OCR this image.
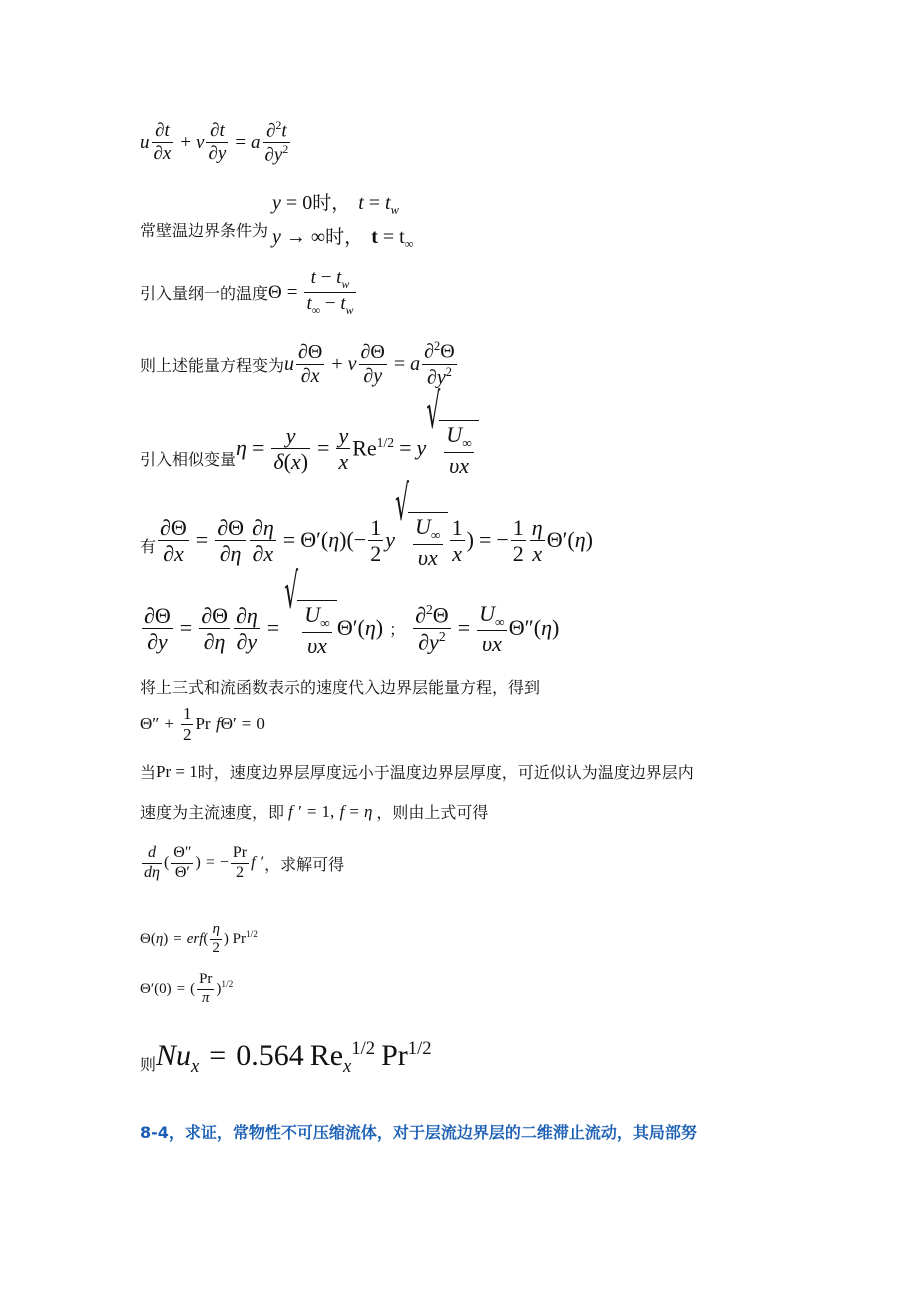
u $\frac{\partial t}{\partial x} + v \frac{\partial t}{\partial y} = a \frac{\partial^2t}{\partial y^2}$
常壁温边界条件为
y = 0时， $t = t_w$
y → ∞时， $t = t_\infty$
引入量纲一的温度 $\Theta = \frac{t - t_w}{t_\infty - t_w}$
则上述能量方程变为 u $\frac{\partial\Theta}{\partial x} + v \frac{\partial\Theta}{\partial y} = a \frac{\partial^2\Theta}{\partial y^2}$
引入相似变量 $\eta = \frac{y}{\delta(x)} = \frac{y}{x} Re^{1/2} = y$
√
$\frac{U_\infty}{\upsilon x}$
有 $\frac{\partial\Theta}{\partial x} = \frac{\partial\Theta}{\partial\eta} \frac{\partial\eta}{\partial x} = \Theta'$( η )(− $\frac{1}{2}$ y
√
$\frac{U_\infty}{\upsilon x} \frac{1}{x}$ ) = − $\frac{1}{2} \frac{\eta}{x} \Theta'$( η )
$\frac{\partial\Theta}{\partial y} = \frac{\partial\Theta}{\partial\eta} \frac{\partial\eta}{\partial y}$ =
√
$\frac{U_\infty}{\upsilon x} \Theta'$( η ) ； $\frac{\partial^2\Theta}{\partial y^2} = \frac{U_\infty}{\upsilon x} \Theta''$( η )
将上三式和流函数表示的速度代入边界层能量方程，得到
$\Theta'' + \frac{1}{2}$ Pr
f Θ′ = 0
当 Pr = 1 时， 速度边界层厚度远小于温度边界层厚度，可近似认为温度边界层内
速度为主流速度，即 f ′ = 1, f = η ，则由上式可得
$\frac{d}{d\eta}$ ( $\frac{\Theta''}{\Theta'}$ ) = − $\frac{Pr}{2}$ f
′ ，求解可得
Θ( η ) = erf ( $\frac{\eta}{2}$ ) $Pr^{1/2}$
Θ′(0) = ( $\frac{Pr}{\pi} )^{1/2}$
则 $Nu_x = 0.564$ $Re_x^{1/2}$ $Pr^{1/2}$
8-4，求证，常物性不可压缩流体，对于层流边界层的二维滞止流动，其局部努
